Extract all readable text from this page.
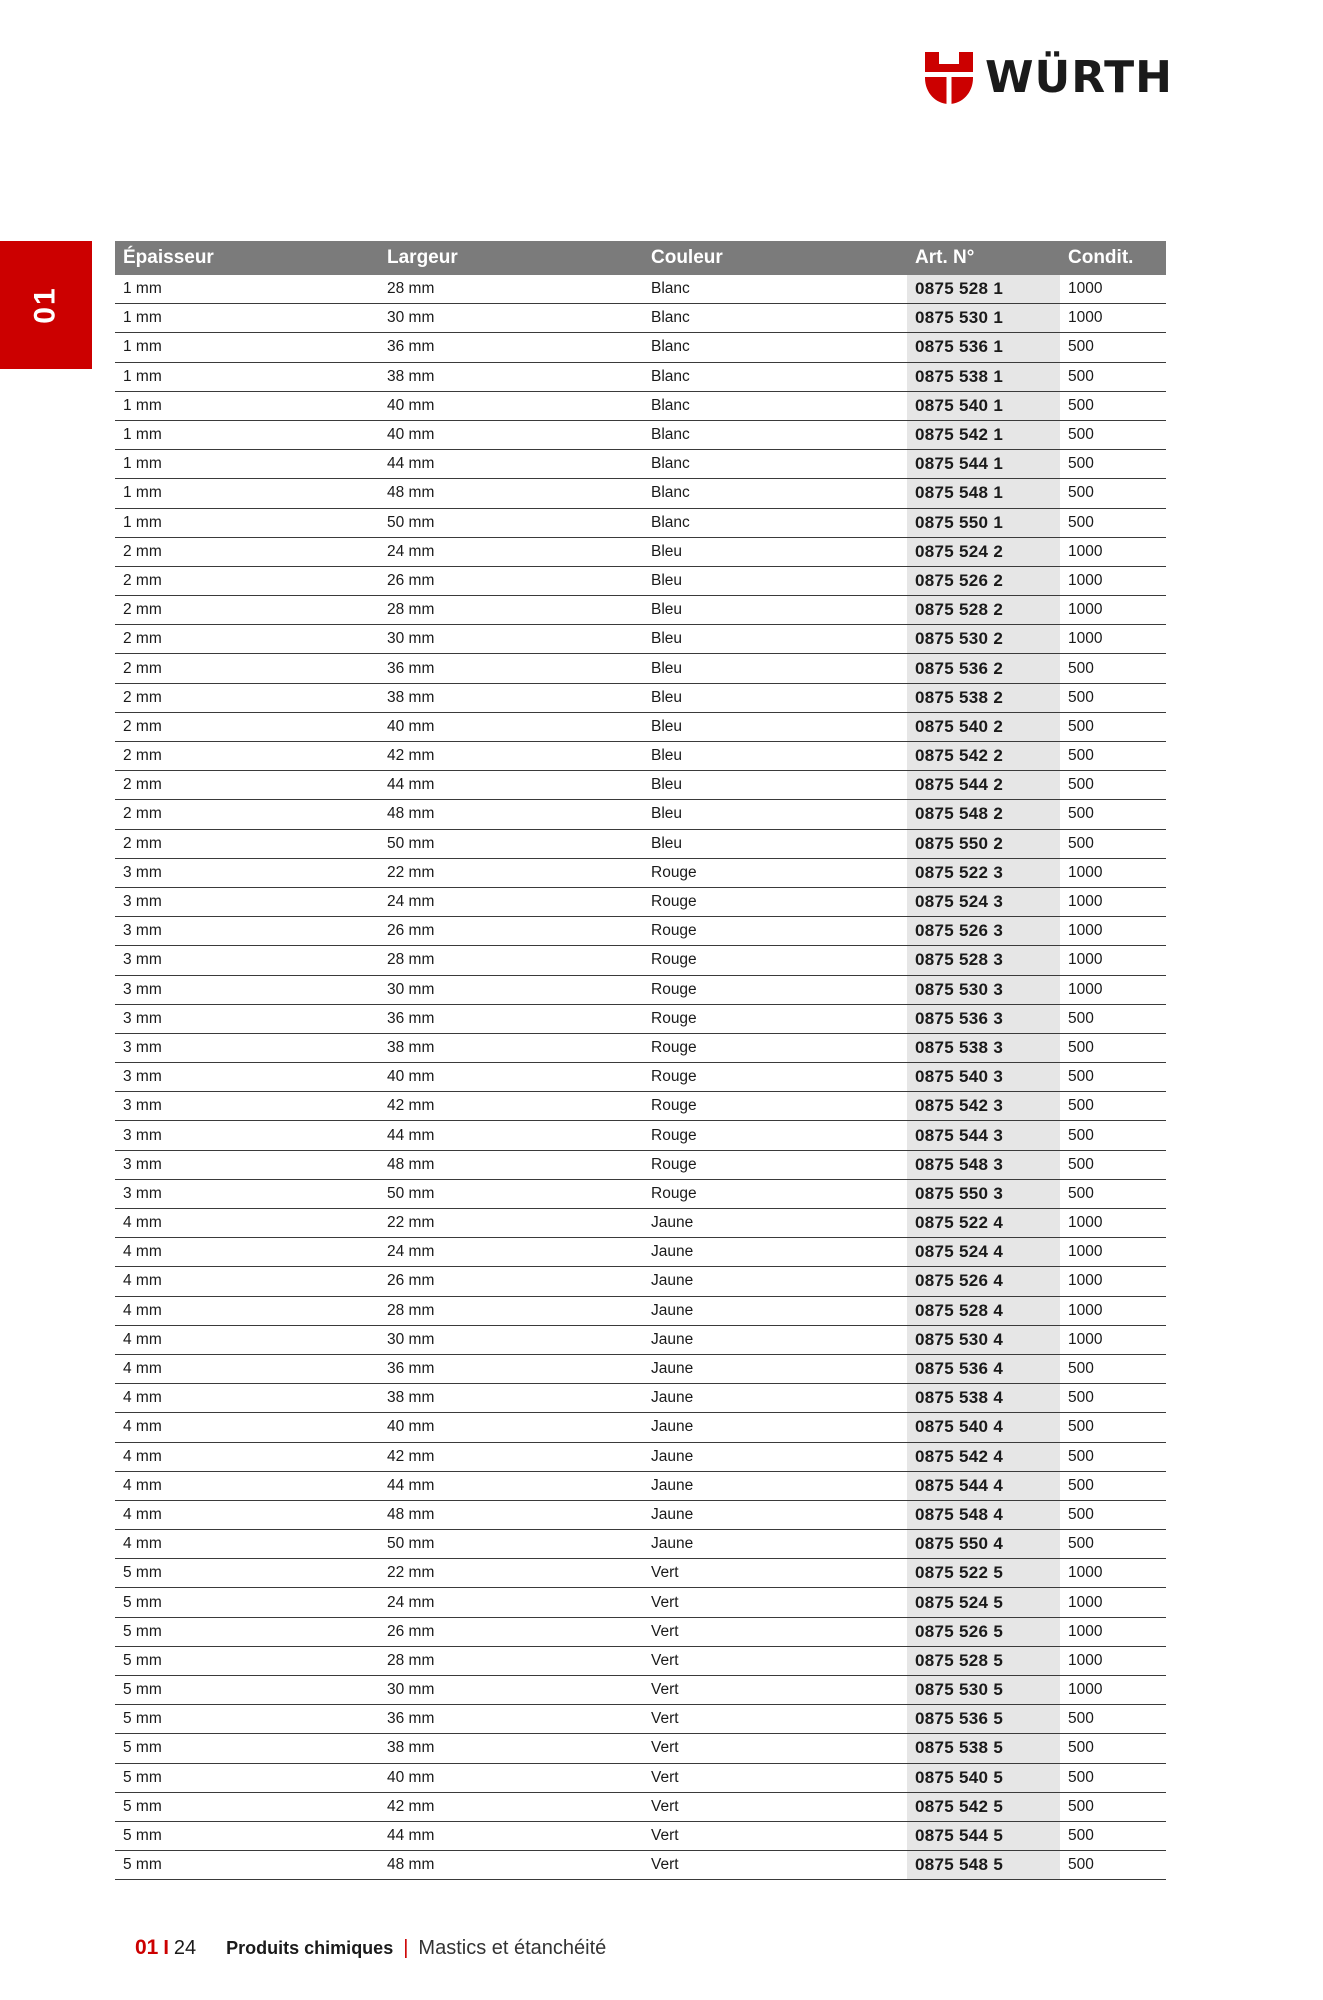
WÜRTH
01
Épaisseur	Largeur	Couleur	Art. N°	Condit.
1 mm	28 mm	Blanc	0875 528 1	1000
1 mm	30 mm	Blanc	0875 530 1	1000
1 mm	36 mm	Blanc	0875 536 1	500
1 mm	38 mm	Blanc	0875 538 1	500
1 mm	40 mm	Blanc	0875 540 1	500
1 mm	40 mm	Blanc	0875 542 1	500
1 mm	44 mm	Blanc	0875 544 1	500
1 mm	48 mm	Blanc	0875 548 1	500
1 mm	50 mm	Blanc	0875 550 1	500
2 mm	24 mm	Bleu	0875 524 2	1000
2 mm	26 mm	Bleu	0875 526 2	1000
2 mm	28 mm	Bleu	0875 528 2	1000
2 mm	30 mm	Bleu	0875 530 2	1000
2 mm	36 mm	Bleu	0875 536 2	500
2 mm	38 mm	Bleu	0875 538 2	500
2 mm	40 mm	Bleu	0875 540 2	500
2 mm	42 mm	Bleu	0875 542 2	500
2 mm	44 mm	Bleu	0875 544 2	500
2 mm	48 mm	Bleu	0875 548 2	500
2 mm	50 mm	Bleu	0875 550 2	500
3 mm	22 mm	Rouge	0875 522 3	1000
3 mm	24 mm	Rouge	0875 524 3	1000
3 mm	26 mm	Rouge	0875 526 3	1000
3 mm	28 mm	Rouge	0875 528 3	1000
3 mm	30 mm	Rouge	0875 530 3	1000
3 mm	36 mm	Rouge	0875 536 3	500
3 mm	38 mm	Rouge	0875 538 3	500
3 mm	40 mm	Rouge	0875 540 3	500
3 mm	42 mm	Rouge	0875 542 3	500
3 mm	44 mm	Rouge	0875 544 3	500
3 mm	48 mm	Rouge	0875 548 3	500
3 mm	50 mm	Rouge	0875 550 3	500
4 mm	22 mm	Jaune	0875 522 4	1000
4 mm	24 mm	Jaune	0875 524 4	1000
4 mm	26 mm	Jaune	0875 526 4	1000
4 mm	28 mm	Jaune	0875 528 4	1000
4 mm	30 mm	Jaune	0875 530 4	1000
4 mm	36 mm	Jaune	0875 536 4	500
4 mm	38 mm	Jaune	0875 538 4	500
4 mm	40 mm	Jaune	0875 540 4	500
4 mm	42 mm	Jaune	0875 542 4	500
4 mm	44 mm	Jaune	0875 544 4	500
4 mm	48 mm	Jaune	0875 548 4	500
4 mm	50 mm	Jaune	0875 550 4	500
5 mm	22 mm	Vert	0875 522 5	1000
5 mm	24 mm	Vert	0875 524 5	1000
5 mm	26 mm	Vert	0875 526 5	1000
5 mm	28 mm	Vert	0875 528 5	1000
5 mm	30 mm	Vert	0875 530 5	1000
5 mm	36 mm	Vert	0875 536 5	500
5 mm	38 mm	Vert	0875 538 5	500
5 mm	40 mm	Vert	0875 540 5	500
5 mm	42 mm	Vert	0875 542 5	500
5 mm	44 mm	Vert	0875 544 5	500
5 mm	48 mm	Vert	0875 548 5	500
01 I 24 Produits chimiques | Mastics et étanchéité
